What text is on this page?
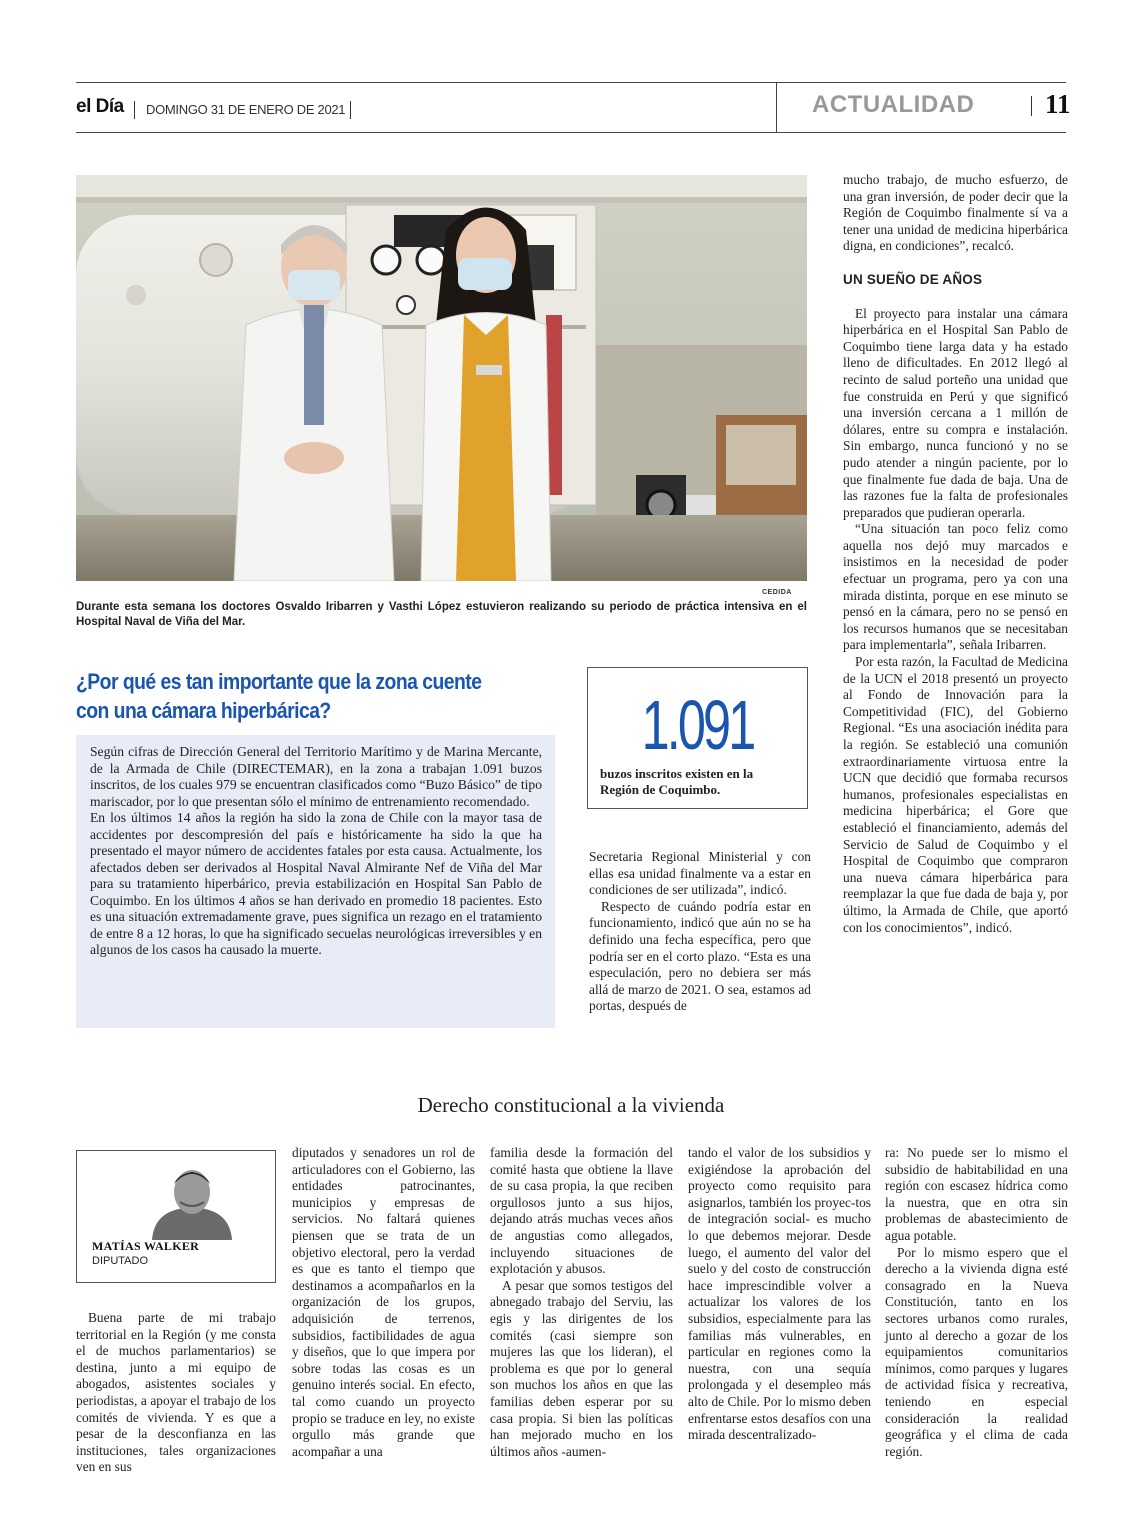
el Día DOMINGO 31 DE ENERO DE 2021	ACTUALIDAD	11
CEDIDA
Durante esta semana los doctores Osvaldo Iribarren y Vasthi López estuvieron realizando su periodo de práctica intensiva en el Hospital Naval de Viña del Mar.
¿Por qué es tan importante que la zona cuente con una cámara hiperbárica?

Según cifras de Dirección General del Territorio Marítimo y de Marina Mercante, de la Armada de Chile (DIRECTEMAR), en la zona a trabajan 1.091 buzos inscritos, de los cuales 979 se encuentran clasificados como “Buzo Básico” de tipo mariscador, por lo que presentan sólo el mínimo de entrenamiento recomendado.

En los últimos 14 años la región ha sido la zona de Chile con la mayor tasa de accidentes por descompresión del país e históricamente ha sido la que ha presentado el mayor número de accidentes fatales por esta causa. Actualmente, los afectados deben ser derivados al Hospital Naval Almirante Nef de Viña del Mar para su tratamiento hiperbárico, previa estabilización en Hospital San Pablo de Coquimbo. En los últimos 4 años se han derivado en promedio 18 pacientes. Esto es una situación extremadamente grave, pues significa un rezago en el tratamiento de entre 8 a 12 horas, lo que ha significado secuelas neurológicas irreversibles y en algunos de los casos ha causado la muerte.

1.091
buzos inscritos existen en la Región de Coquimbo.

Secretaria Regional Ministerial y con ellas esa unidad finalmente va a estar en condiciones de ser utilizada”, indicó.

Respecto de cuándo podría estar en funcionamiento, indicó que aún no se ha definido una fecha específica, pero que podría ser en el corto plazo. “Esta es una especulación, pero no debiera ser más allá de marzo de 2021. O sea, estamos ad portas, después de

mucho trabajo, de mucho esfuerzo, de una gran inversión, de poder decir que la Región de Coquimbo finalmente sí va a tener una unidad de medicina hiperbárica digna, en condiciones”, recalcó.

UN SUEÑO DE AÑOS

El proyecto para instalar una cámara hiperbárica en el Hospital San Pablo de Coquimbo tiene larga data y ha estado lleno de dificultades. En 2012 llegó al recinto de salud porteño una unidad que fue construida en Perú y que significó una inversión cercana a 1 millón de dólares, entre su compra e instalación. Sin embargo, nunca funcionó y no se pudo atender a ningún paciente, por lo que finalmente fue dada de baja. Una de las razones fue la falta de profesionales preparados que pudieran operarla.

“Una situación tan poco feliz como aquella nos dejó muy marcados e insistimos en la necesidad de poder efectuar un programa, pero ya con una mirada distinta, porque en ese minuto se pensó en la cámara, pero no se pensó en los recursos humanos que se necesitaban para implementarla”, señala Iribarren.

Por esta razón, la Facultad de Medicina de la UCN el 2018 presentó un proyecto al Fondo de Innovación para la Competitividad (FIC), del Gobierno Regional. “Es una asociación inédita para la región. Se estableció una comunión extraordinariamente virtuosa entre la UCN que decidió que formaba recursos humanos, profesionales especialistas en medicina hiperbárica; el Gore que estableció el financiamiento, además del Servicio de Salud de Coquimbo y el Hospital de Coquimbo que compraron una nueva cámara hiperbárica para reemplazar la que fue dada de baja y, por último, la Armada de Chile, que aportó con los conocimientos”, indicó.

Derecho constitucional a la vivienda
MATÍAS WALKER
DIPUTADO

Buena parte de mi trabajo territorial en la Región (y me consta el de muchos parlamentarios) se destina, junto a mi equipo de abogados, asistentes sociales y periodistas, a apoyar el trabajo de los comités de vivienda. Y es que a pesar de la desconfianza en las instituciones, tales organizaciones ven en sus

diputados y senadores un rol de articuladores con el Gobierno, las entidades patrocinantes, municipios y empresas de servicios. No faltará quienes piensen que se trata de un objetivo electoral, pero la verdad es que es tanto el tiempo que destinamos a acompañarlos en la organización de los grupos, adquisición de terrenos, subsidios, factibilidades de agua y diseños, que lo que impera por sobre todas las cosas es un genuino interés social. En efecto, tal como cuando un proyecto propio se traduce en ley, no existe orgullo más grande que acompañar a una

familia desde la formación del comité hasta que obtiene la llave de su casa propia, la que reciben orgullosos junto a sus hijos, dejando atrás muchas veces años de angustias como allegados, incluyendo situaciones de explotación y abusos.

A pesar que somos testigos del abnegado trabajo del Serviu, las egis y las dirigentes de los comités (casi siempre son mujeres las que los lideran), el problema es que por lo general son muchos los años en que las familias deben esperar por su casa propia. Si bien las políticas han mejorado mucho en los últimos años -aumen-

tando el valor de los subsidios y exigiéndose la aprobación del proyecto como requisito para asignarlos, también los proyec-tos de integración social- es mucho lo que debemos mejorar. Desde luego, el aumento del valor del suelo y del costo de construcción hace imprescindible volver a actualizar los valores de los subsidios, especialmente para las familias más vulnerables, en particular en regiones como la nuestra, con una sequía prolongada y el desempleo más alto de Chile. Por lo mismo deben enfrentarse estos desafíos con una mirada descentralizado-

ra: No puede ser lo mismo el subsidio de habitabilidad en una región con escasez hídrica como la nuestra, que en otra sin problemas de abastecimiento de agua potable.

Por lo mismo espero que el derecho a la vivienda digna esté consagrado en la Nueva Constitución, tanto en los sectores urbanos como rurales, junto al derecho a gozar de los equipamientos comunitarios mínimos, como parques y lugares de actividad física y recreativa, teniendo en especial consideración la realidad geográfica y el clima de cada región.
